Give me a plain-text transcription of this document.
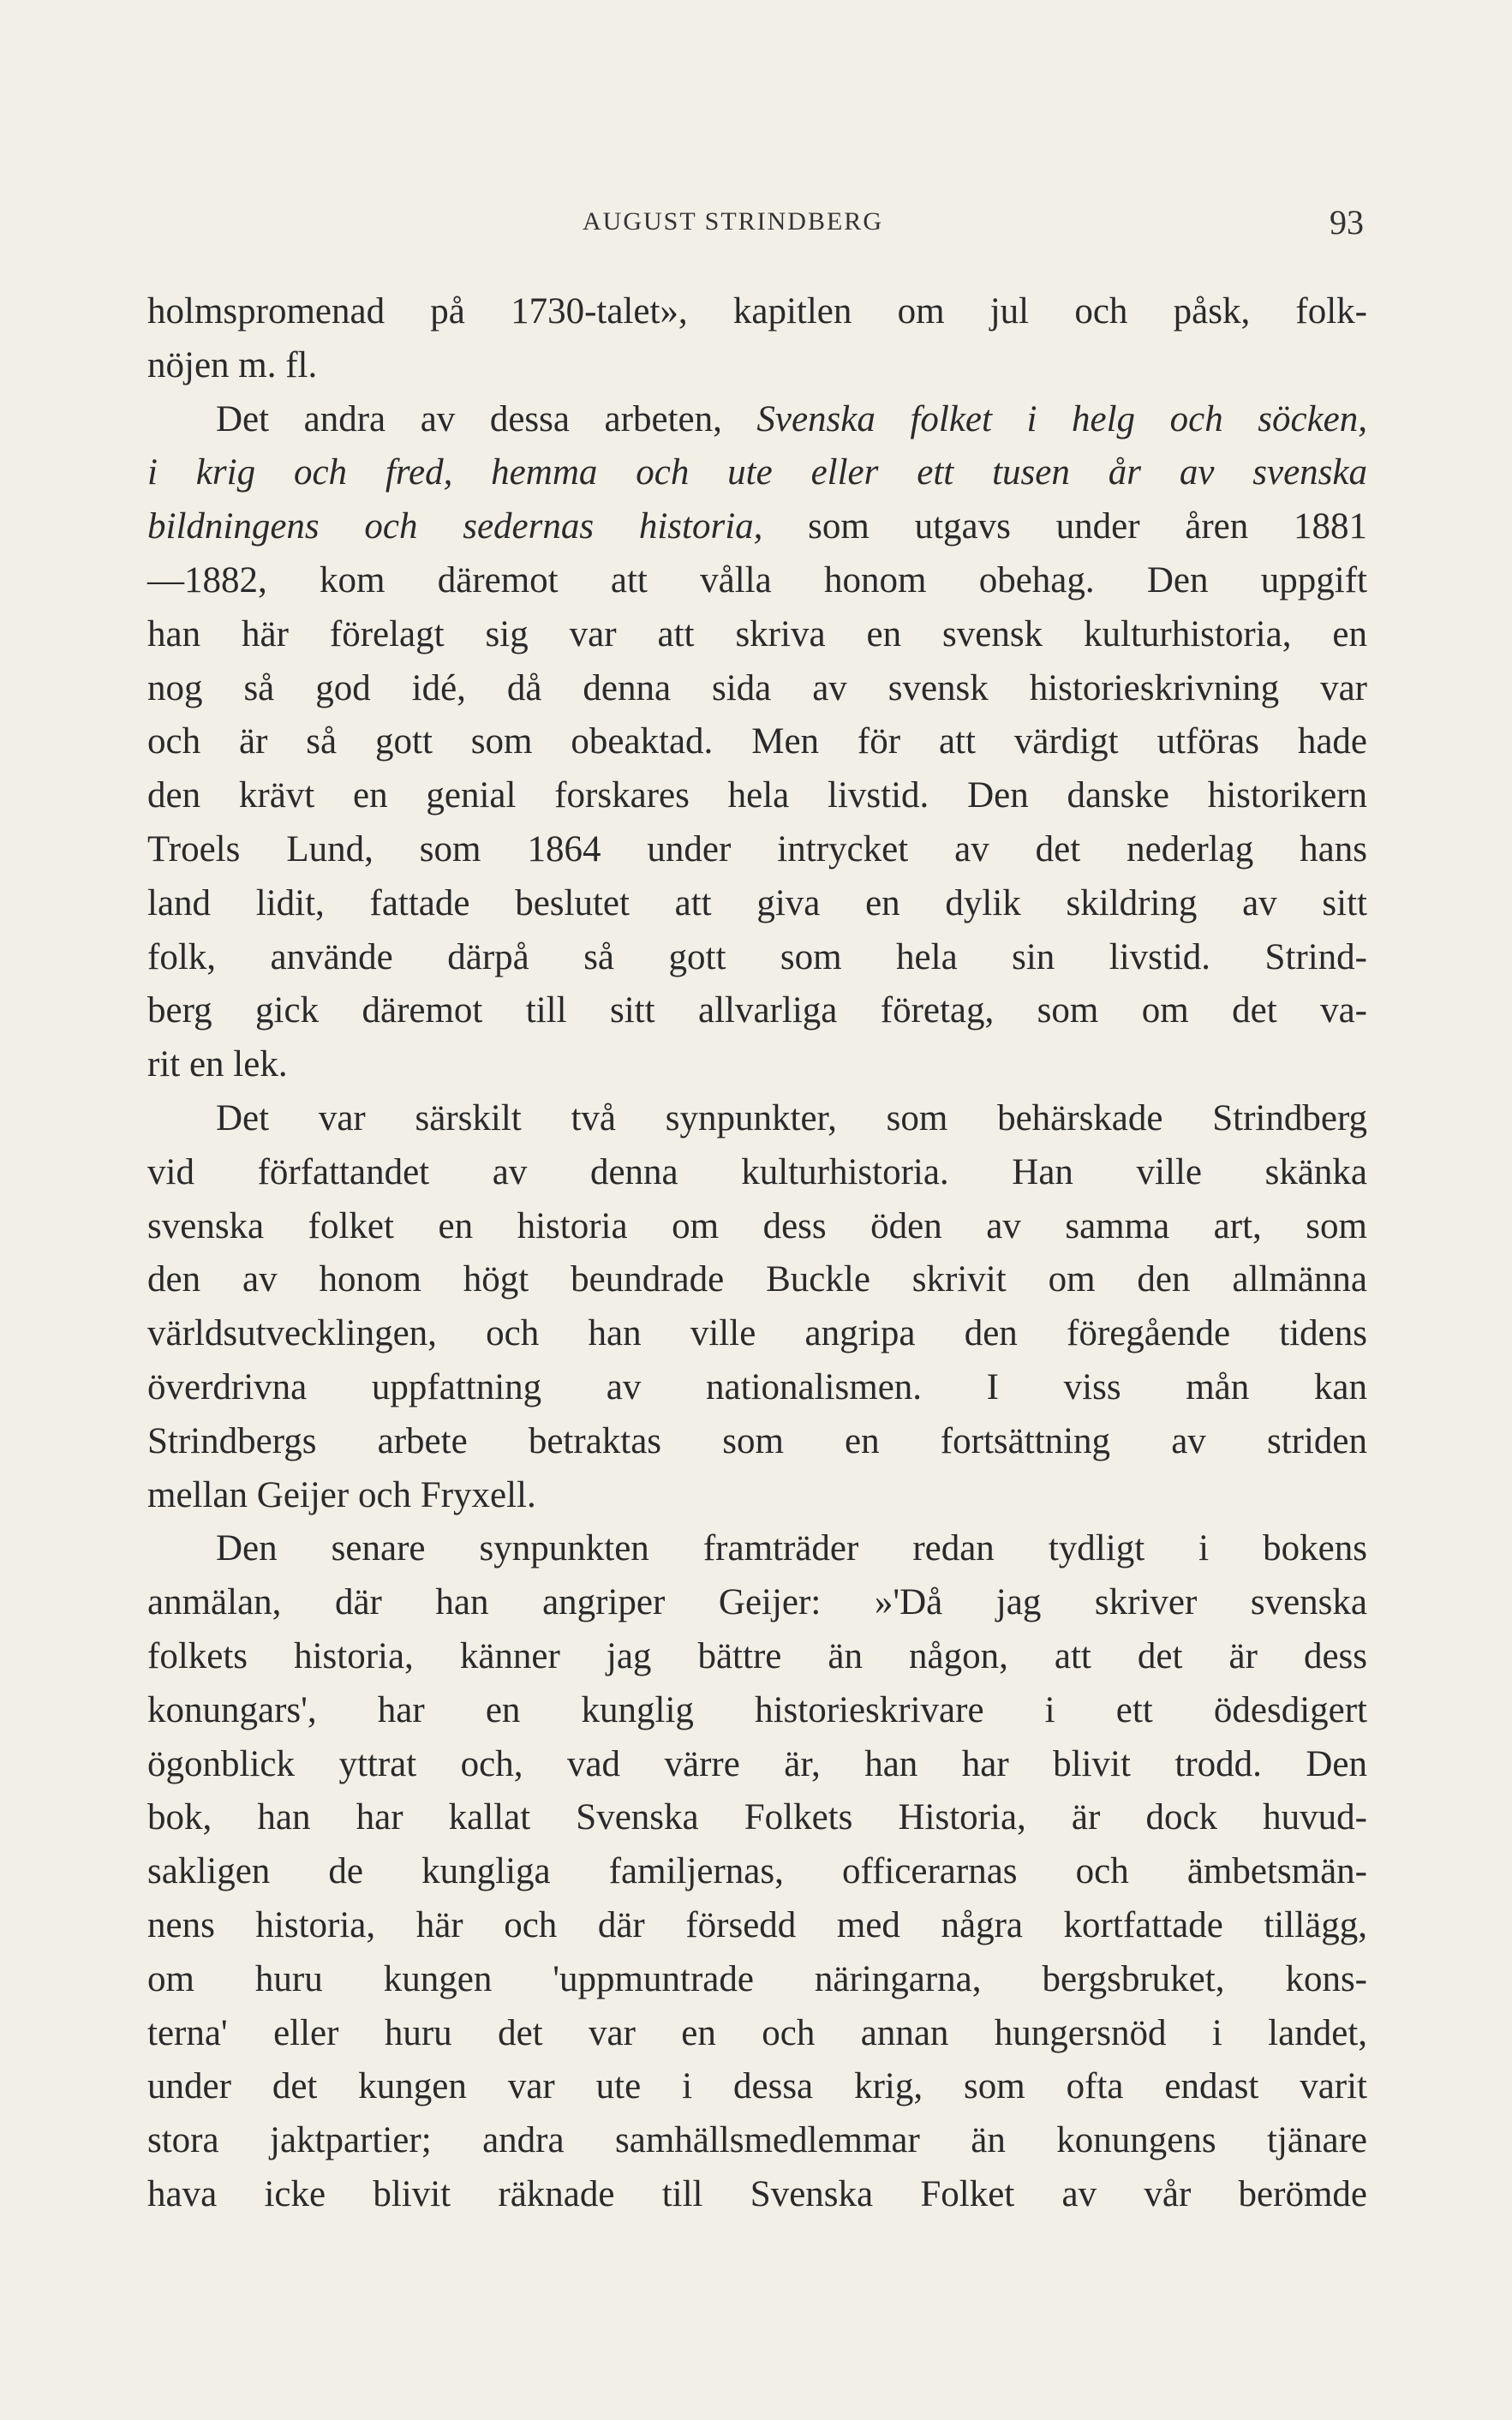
AUGUST STRINDBERG	93
holmspromenad på 1730-talet», kapitlen om jul och påsk, folk-
nöjen m. fl.
Det andra av dessa arbeten, Svenska folket i helg och söcken,
i krig och fred, hemma och ute eller ett tusen år av svenska
bildningens och sedernas historia, som utgavs under åren 1881
—1882, kom däremot att vålla honom obehag. Den uppgift
han här förelagt sig var att skriva en svensk kulturhistoria, en
nog så god idé, då denna sida av svensk historieskrivning var
och är så gott som obeaktad. Men för att värdigt utföras hade
den krävt en genial forskares hela livstid. Den danske historikern
Troels Lund, som 1864 under intrycket av det nederlag hans
land lidit, fattade beslutet att giva en dylik skildring av sitt
folk, använde därpå så gott som hela sin livstid. Strind-
berg gick däremot till sitt allvarliga företag, som om det va-
rit en lek.
Det var särskilt två synpunkter, som behärskade Strindberg
vid författandet av denna kulturhistoria. Han ville skänka
svenska folket en historia om dess öden av samma art, som
den av honom högt beundrade Buckle skrivit om den allmänna
världsutvecklingen, och han ville angripa den föregående tidens
överdrivna uppfattning av nationalismen. I viss mån kan
Strindbergs arbete betraktas som en fortsättning av striden
mellan Geijer och Fryxell.
Den senare synpunkten framträder redan tydligt i bokens
anmälan, där han angriper Geijer: »'Då jag skriver svenska
folkets historia, känner jag bättre än någon, att det är dess
konungars', har en kunglig historieskrivare i ett ödesdigert
ögonblick yttrat och, vad värre är, han har blivit trodd. Den
bok, han har kallat Svenska Folkets Historia, är dock huvud-
sakligen de kungliga familjernas, officerarnas och ämbetsmän-
nens historia, här och där försedd med några kortfattade tillägg,
om huru kungen 'uppmuntrade näringarna, bergsbruket, kons-
terna' eller huru det var en och annan hungersnöd i landet,
under det kungen var ute i dessa krig, som ofta endast varit
stora jaktpartier; andra samhällsmedlemmar än konungens tjänare
hava icke blivit räknade till Svenska Folket av vår berömde
